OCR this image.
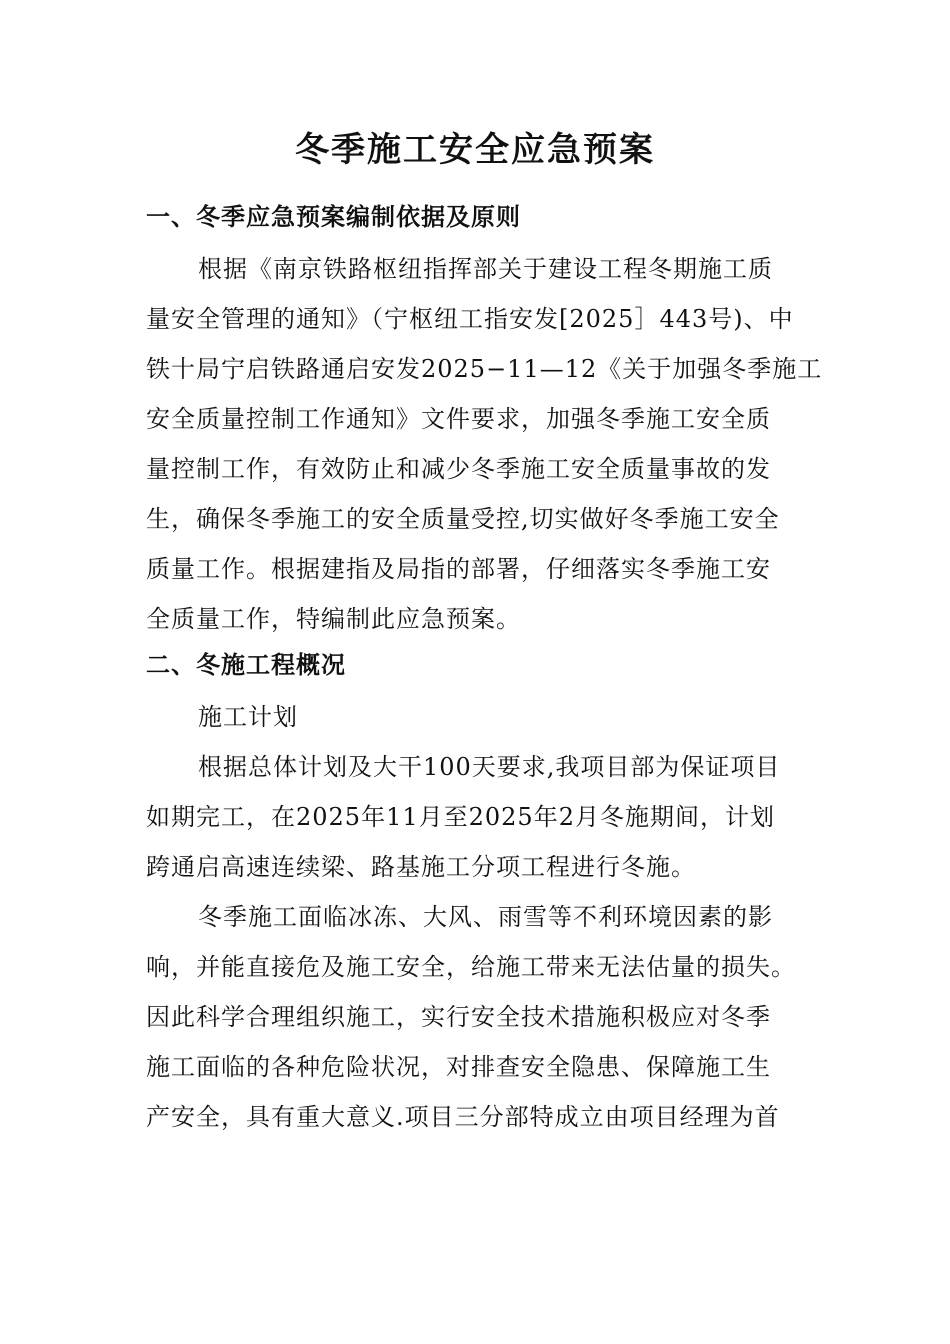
冬季施工安全应急预案
一、冬季应急预案编制依据及原则
根据《南京铁路枢纽指挥部关于建设工程冬期施工质
量安全管理的通知》（宁枢纽工指安发[2025］443号)、中
铁十局宁启铁路通启安发2025−11—12《关于加强冬季施工
安全质量控制工作通知》文件要求，加强冬季施工安全质
量控制工作，有效防止和减少冬季施工安全质量事故的发
生，确保冬季施工的安全质量受控,切实做好冬季施工安全
质量工作。根据建指及局指的部署，仔细落实冬季施工安
全质量工作，特编制此应急预案。
二、冬施工程概况
施工计划
根据总体计划及大干100天要求,我项目部为保证项目
如期完工，在2025年11月至2025年2月冬施期间，计划
跨通启高速连续梁、路基施工分项工程进行冬施。
冬季施工面临冰冻、大风、雨雪等不利环境因素的影
响，并能直接危及施工安全，给施工带来无法估量的损失。
因此科学合理组织施工，实行安全技术措施积极应对冬季
施工面临的各种危险状况，对排查安全隐患、保障施工生
产安全，具有重大意义.项目三分部特成立由项目经理为首
